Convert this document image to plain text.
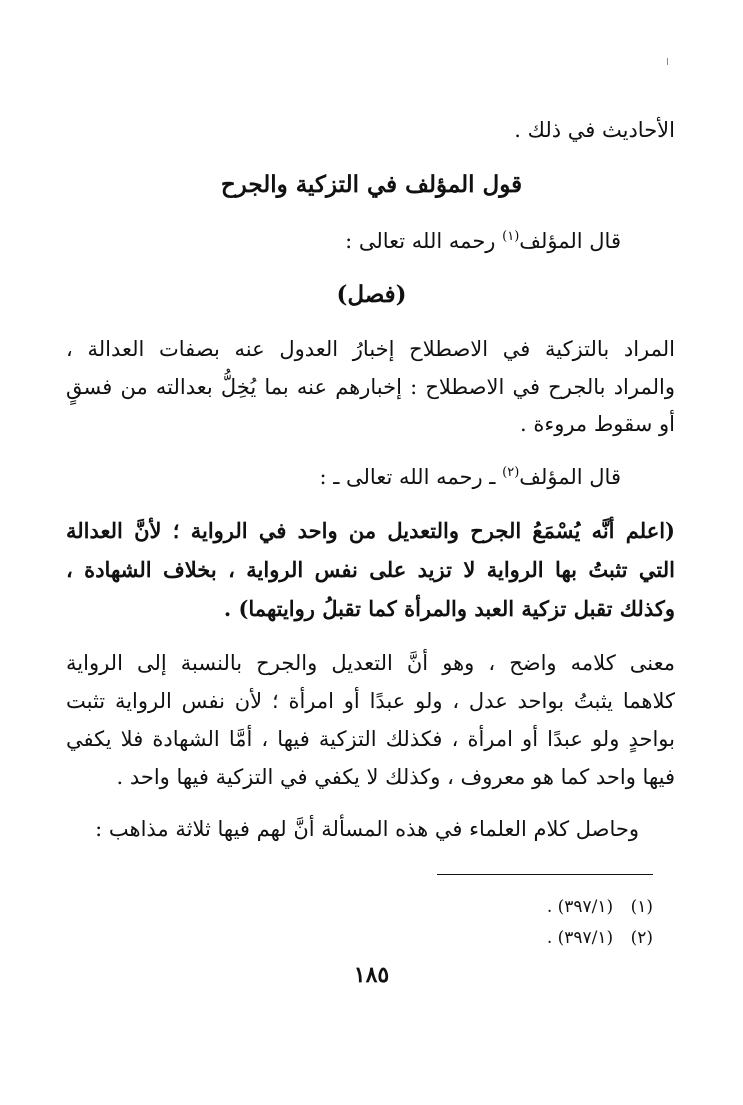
الأحاديث في ذلك .
قول المؤلف في التزكية والجرح
قال المؤلف$^{(١)}$ رحمه الله تعالى :
(فصل)
المراد بالتزكية في الاصطلاح إخبارُ العدول عنه بصفات العدالة ،
والمراد بالجرح في الاصطلاح : إخبارهم عنه بما يُخِلُّ بعدالته من فسقٍ
أو سقوط مروءة .
قال المؤلف$^{(٢)}$ ـ رحمه الله تعالى ـ :
(اعلم أنَّه يُسْمَعُ الجرح والتعديل من واحد في الرواية ؛ لأنَّ العدالة
التي تثبتُ بها الرواية لا تزيد على نفس الرواية ، بخلاف الشهادة ،
وكذلك تقبل تزكية العبد والمرأة كما تقبلُ روايتهما) .
معنى كلامه واضح ، وهو أنَّ التعديل والجرح بالنسبة إلى الرواية
كلاهما يثبتُ بواحد عدل ، ولو عبدًا أو امرأة ؛ لأن نفس الرواية تثبت
بواحدٍ ولو عبدًا أو امرأة ، فكذلك التزكية فيها ، أمَّا الشهادة فلا يكفي
فيها واحد كما هو معروف ، وكذلك لا يكفي في التزكية فيها واحد .
وحاصل كلام العلماء في هذه المسألة أنَّ لهم فيها ثلاثة مذاهب :
(١) (٣٩٧/١) .
(٢) (٣٩٧/١) .
١٨٥
